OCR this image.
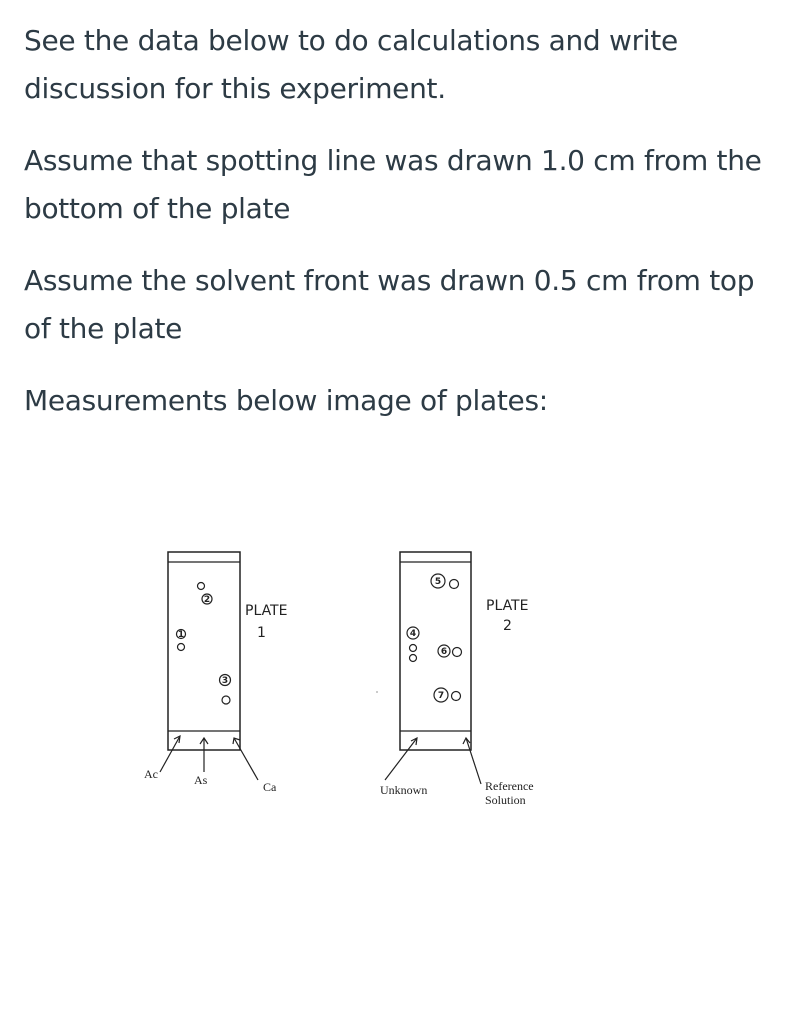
See the data below to do calculations and write discussion for this experiment.

Assume that spotting line was drawn 1.0 cm from the bottom of the plate

Assume the solvent front was drawn 0.5 cm from top of the plate

Measurements below image of plates:

1
2
3
PLATE
1
Ac	As	Ca
4
5
6
7
PLATE
2
Unknown	Reference
Solution
